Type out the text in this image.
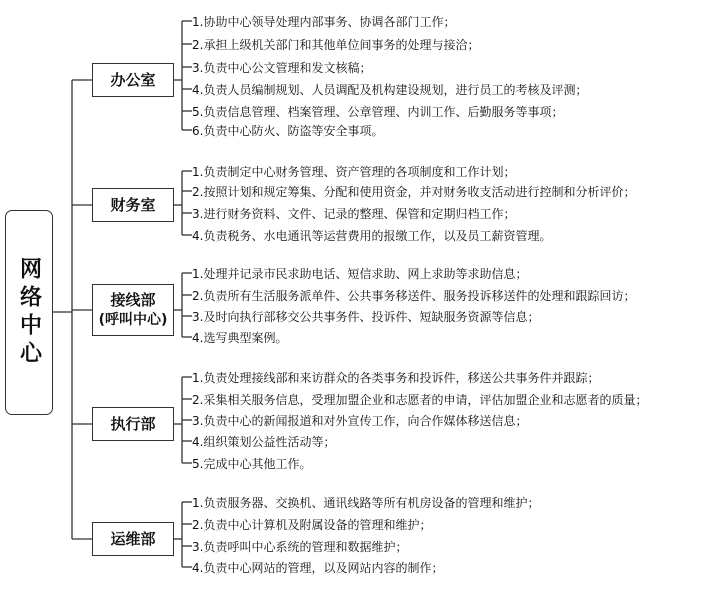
网络中心
办公室
财务室
接线部
(呼叫中心)
执行部
运维部
1.协助中心领导处理内部事务、协调各部门工作；
2.承担上级机关部门和其他单位间事务的处理与接洽；
3.负责中心公文管理和发文核稿；
4.负责人员编制规划、人员调配及机构建设规划，进行员工的考核及评测；
5.负责信息管理、档案管理、公章管理、内训工作、后勤服务等事项；
6.负责中心防火、防盗等安全事项。
1.负责制定中心财务管理、资产管理的各项制度和工作计划；
2.按照计划和规定筹集、分配和使用资金，并对财务收支活动进行控制和分析评价；
3.进行财务资料、文件、记录的整理、保管和定期归档工作；
4.负责税务、水电通讯等运营费用的报缴工作，以及员工薪资管理。
1.处理并记录市民求助电话、短信求助、网上求助等求助信息；
2.负责所有生活服务派单件、公共事务移送件、服务投诉移送件的处理和跟踪回访；
3.及时向执行部移交公共事务件、投诉件、短缺服务资源等信息；
4.选写典型案例。
1.负责处理接线部和来访群众的各类事务和投诉件，移送公共事务件并跟踪；
2.采集相关服务信息，受理加盟企业和志愿者的申请，评估加盟企业和志愿者的质量；
3.负责中心的新闻报道和对外宣传工作，向合作媒体移送信息；
4.组织策划公益性活动等；
5.完成中心其他工作。
1.负责服务器、交换机、通讯线路等所有机房设备的管理和维护；
2.负责中心计算机及附属设备的管理和维护；
3.负责呼叫中心系统的管理和数据维护；
4.负责中心网站的管理，以及网站内容的制作；
